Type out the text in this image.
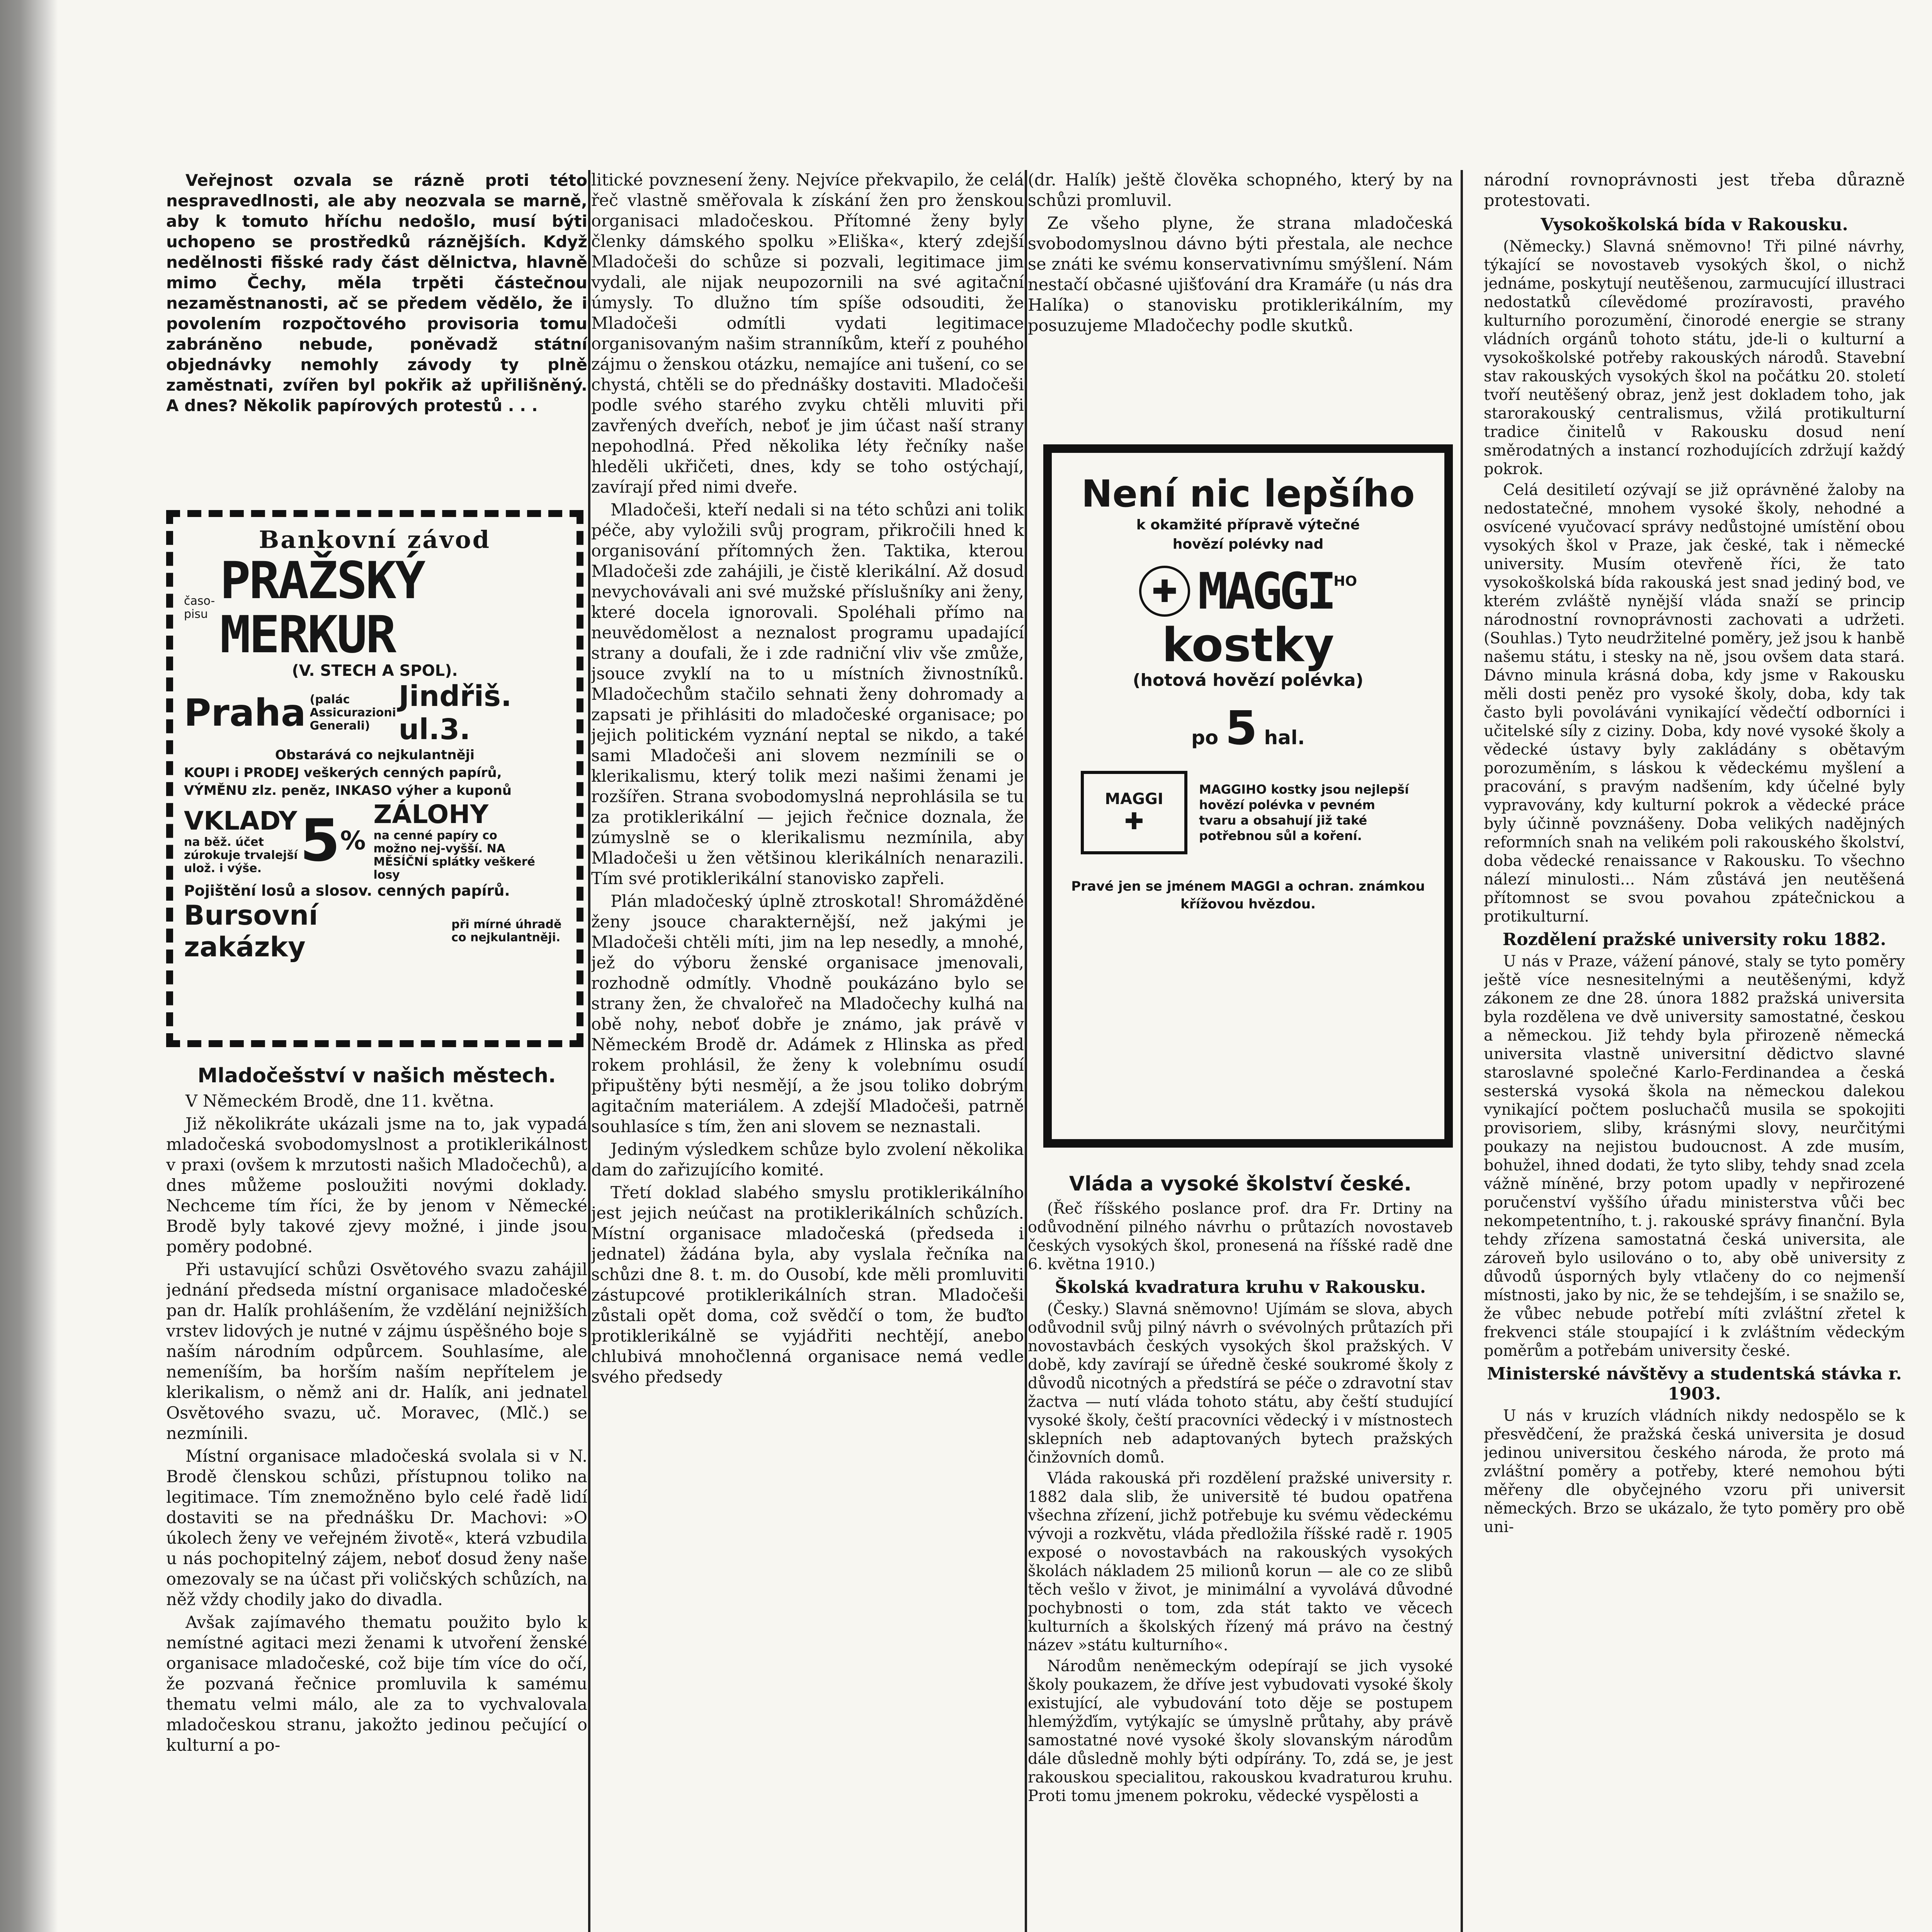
Veřejnost ozvala se rázně proti této nespravedlnosti, ale aby neozvala se marně, aby k tomuto hříchu nedošlo, musí býti uchopeno se prostředků ráznějších. Když nedělnosti fišské rady část dělnictva, hlavně mimo Čechy, měla trpěti částečnou nezaměstnanosti, ač se předem vědělo, že i povolením rozpočtového provisoria tomu zabráněno nebude, poněvadž státní objednávky nemohly závody ty plně zaměstnati, zvířen byl pokřik až upřilišněný. A dnes? Několik papírových protestů . . .

Bankovní závod
časo-pisu
PRAŽSKÝ MERKUR
(V. STECH A SPOL).
Praha (palác Assicurazioni Generali)
Jindřiš. ul.3.
Obstarává co nejkulantněji
KOUPI i PRODEJ veškerých cenných papírů,
VÝMĚNU zlz. peněz, INKASO výher a kuponů
VKLADY
na běž. účet zúrokuje trvalejší ulož. i výše. 5 %
ZÁLOHY
na cenné papíry co možno nej-vyšší. NA MĚSÍČNÍ splátky veškeré losy
Pojištění losů a slosov. cenných papírů.
Bursovní zakázky
při mírné úhradě co nejkulantněji.
Mladočešství v našich městech.

V Německém Brodě, dne 11. května.

Již několikráte ukázali jsme na to, jak vypadá mladočeská svobodomyslnost a protiklerikálnost v praxi (ovšem k mrzutosti našich Mladočechů), a dnes můžeme posloužiti novými doklady. Nechceme tím říci, že by jenom v Německé Brodě byly takové zjevy možné, i jinde jsou poměry podobné.

Při ustavující schůzi Osvětového svazu zahájil jednání předseda místní organisace mladočeské pan dr. Halík prohlášením, že vzdělání nejnižších vrstev lidových je nutné v zájmu úspěšného boje s naším národním odpůrcem. Souhlasíme, ale nemeníším, ba horším naším nepřítelem je klerikalism, o němž ani dr. Halík, ani jednatel Osvětového svazu, uč. Moravec, (Mlč.) se nezmínili.

Místní organisace mladočeská svolala si v N. Brodě členskou schůzi, přístupnou toliko na legitimace. Tím znemožněno bylo celé řadě lidí dostaviti se na přednášku Dr. Machovi: »O úkolech ženy ve veřejném životě«, která vzbudila u nás pochopitelný zájem, neboť dosud ženy naše omezovaly se na účast při voličských schůzích, na něž vždy chodily jako do divadla.

Avšak zajímavého thematu použito bylo k nemístné agitaci mezi ženami k utvoření ženské organisace mladočeské, což bije tím více do očí, že pozvaná řečnice promluvila k samému thematu velmi málo, ale za to vychvalovala mladočeskou stranu, jakožto jedinou pečující o kulturní a po-

litické povznesení ženy. Nejvíce překvapilo, že celá řeč vlastně směřovala k získání žen pro ženskou organisaci mladočeskou. Přítomné ženy byly členky dámského spolku »Eliška«, který zdejší Mladočeši do schůze si pozvali, legitimace jim vydali, ale nijak neupozornili na své agitační úmysly. To dlužno tím spíše odsouditi, že Mladočeši odmítli vydati legitimace organisovaným našim stranníkům, kteří z pouhého zájmu o ženskou otázku, nemajíce ani tušení, co se chystá, chtěli se do přednášky dostaviti. Mladočeši podle svého starého zvyku chtěli mluviti při zavřených dveřích, neboť je jim účast naší strany nepohodlná. Před několika léty řečníky naše hleděli ukřičeti, dnes, kdy se toho ostýchají, zavírají před nimi dveře.

Mladočeši, kteří nedali si na této schůzi ani tolik péče, aby vyložili svůj program, přikročili hned k organisování přítomných žen. Taktika, kterou Mladočeši zde zahájili, je čistě klerikální. Až dosud nevychovávali ani své mužské příslušníky ani ženy, které docela ignorovali. Spoléhali přímo na neuvědomělost a neznalost programu upadající strany a doufali, že i zde radniční vliv vše zmůže, jsouce zvyklí na to u místních živnostníků. Mladočechům stačilo sehnati ženy dohromady a zapsati je přihlásiti do mladočeské organisace; po jejich politickém vyznání neptal se nikdo, a také sami Mladočeši ani slovem nezmínili se o klerikalismu, který tolik mezi našimi ženami je rozšířen. Strana svobodomyslná neprohlásila se tu za protiklerikální — jejich řečnice doznala, že zúmyslně se o klerikalismu nezmínila, aby Mladočeši u žen většinou klerikálních nenarazili. Tím své protiklerikální stanovisko zapřeli.

Plán mladočeský úplně ztroskotal! Shromážděné ženy jsouce charakternější, než jakými je Mladočeši chtěli míti, jim na lep nesedly, a mnohé, jež do výboru ženské organisace jmenovali, rozhodně odmítly. Vhodně poukázáno bylo se strany žen, že chvalořeč na Mladočechy kulhá na obě nohy, neboť dobře je známo, jak právě v Německém Brodě dr. Adámek z Hlinska as před rokem prohlásil, že ženy k volebnímu osudí připuštěny býti nesmějí, a že jsou toliko dobrým agitačním materiálem. A zdejší Mladočeši, patrně souhlasíce s tím, žen ani slovem se neznastali.

Jediným výsledkem schůze bylo zvolení několika dam do zařizujícího komité.

Třetí doklad slabého smyslu protiklerikálního jest jejich neúčast na protiklerikálních schůzích. Místní organisace mladočeská (předseda i jednatel) žádána byla, aby vyslala řečníka na schůzi dne 8. t. m. do Ousobí, kde měli promluviti zástupcové protiklerikálních stran. Mladočeši zůstali opět doma, což svědčí o tom, že buďto protiklerikálně se vyjádřiti nechtějí, anebo chlubivá mnohočlenná organisace nemá vedle svého předsedy

(dr. Halík) ještě člověka schopného, který by na schůzi promluvil.

Ze všeho plyne, že strana mladočeská svobodomyslnou dávno býti přestala, ale nechce se znáti ke svému konservativnímu smýšlení. Nám nestačí občasné ujišťování dra Kramáře (u nás dra Halíka) o stanovisku protiklerikálním, my posuzujeme Mladočechy podle skutků.

Není nic lepšího
k okamžité přípravě výtečné
hovězí polévky nad
✚ MAGGI HO
kostky
(hotová hovězí polévka)
po 5 hal.
MAGGI
✚
MAGGIHO kostky jsou nejlepší hovězí polévka v pevném tvaru a obsahují již také potřebnou sůl a koření.
Pravé jen se jménem MAGGI a ochran. známkou křížovou hvězdou.
Vláda a vysoké školství české.

(Řeč říšského poslance prof. dra Fr. Drtiny na odůvodnění pilného návrhu o průtazích novostaveb českých vysokých škol, pronesená na říšské radě dne 6. května 1910.)

Školská kvadratura kruhu v Rakousku.

(Česky.) Slavná sněmovno! Ujímám se slova, abych odůvodnil svůj pilný návrh o svévolných průtazích při novostavbách českých vysokých škol pražských. V době, kdy zavírají se úředně české soukromé školy z důvodů nicotných a předstírá se péče o zdravotní stav žactva — nutí vláda tohoto státu, aby čeští studující vysoké školy, čeští pracovníci vědecký i v místnostech sklepních neb adaptovaných bytech pražských činžovních domů.

Vláda rakouská při rozdělení pražské university r. 1882 dala slib, že universitě té budou opatřena všechna zřízení, jichž potřebuje ku svému vědeckému vývoji a rozkvětu, vláda předložila říšské radě r. 1905 exposé o novostavbách na rakouských vysokých školách nákladem 25 milionů korun — ale co ze slibů těch vešlo v život, je minimální a vyvolává důvodné pochybnosti o tom, zda stát takto ve věcech kulturních a školských řízený má právo na čestný název »státu kulturního«.

Národům neněmeckým odepírají se jich vysoké školy poukazem, že dříve jest vybudovati vysoké školy existující, ale vybudování toto děje se postupem hlemýžďím, vytýkajíc se úmyslně průtahy, aby právě samostatné nové vysoké školy slovanským národům dále důsledně mohly býti odpírány. To, zdá se, je jest rakouskou specialitou, rakouskou kvadraturou kruhu. Proti tomu jmenem pokroku, vědecké vyspělosti a

národní rovnoprávnosti jest třeba důrazně protestovati.

Vysokoškolská bída v Rakousku.

(Německy.) Slavná sněmovno! Tři pilné návrhy, týkající se novostaveb vysokých škol, o nichž jednáme, poskytují neutěšenou, zarmucující illustraci nedostatků cílevědomé prozíravosti, pravého kulturního porozumění, činorodé energie se strany vládních orgánů tohoto státu, jde-li o kulturní a vysokoškolské potřeby rakouských národů. Stavební stav rakouských vysokých škol na počátku 20. století tvoří neutěšený obraz, jenž jest dokladem toho, jak starorakouský centralismus, vžilá protikulturní tradice činitelů v Rakousku dosud není směrodatných a instancí rozhodujících zdržují každý pokrok.

Celá desitiletí ozývají se již oprávněné žaloby na nedostatečné, mnohem vysoké školy, nehodné a osvícené vyučovací správy nedůstojné umístění obou vysokých škol v Praze, jak české, tak i německé university. Musím otevřeně říci, že tato vysokoškolská bída rakouská jest snad jediný bod, ve kterém zvláště nynější vláda snaží se princip národnostní rovnoprávnosti zachovati a udržeti. (Souhlas.) Tyto neudržitelné poměry, jež jsou k hanbě našemu státu, i stesky na ně, jsou ovšem data stará. Dávno minula krásná doba, kdy jsme v Rakousku měli dosti peněz pro vysoké školy, doba, kdy tak často byli povoláváni vynikající vědečtí odborníci i učitelské síly z ciziny. Doba, kdy nové vysoké školy a vědecké ústavy byly zakládány s obětavým porozuměním, s láskou k vědeckému myšlení a pracování, s pravým nadšením, kdy účelné byly vypravovány, kdy kulturní pokrok a vědecké práce byly účinně povznášeny. Doba velikých nadějných reformních snah na velikém poli rakouského školství, doba vědecké renaissance v Rakousku. To všechno nálezí minulosti... Nám zůstává jen neutěšená přítomnost se svou povahou zpátečnickou a protikulturní.

Rozdělení pražské university roku 1882.

U nás v Praze, vážení pánové, staly se tyto poměry ještě více nesnesitelnými a neutěšenými, když zákonem ze dne 28. února 1882 pražská universita byla rozdělena ve dvě university samostatné, českou a německou. Již tehdy byla přirozeně německá universita vlastně universitní dědictvo slavné staroslavné společné Karlo-Ferdinandea a česká sesterská vysoká škola na německou dalekou vynikající počtem posluchačů musila se spokojiti provisoriem, sliby, krásnými slovy, neurčitými poukazy na nejistou budoucnost. A zde musím, bohužel, ihned dodati, že tyto sliby, tehdy snad zcela vážně míněné, brzy potom upadly v nepřirozené poručenství vyššího úřadu ministerstva vůči bec nekompetentního, t. j. rakouské správy finanční. Byla tehdy zřízena samostatná česká universita, ale zároveň bylo usilováno o to, aby obě university z důvodů úsporných byly vtlačeny do co nejmenší místnosti, jako by nic, že se tehdejším, i se snažilo se, že vůbec nebude potřebí míti zvláštní zřetel k frekvenci stále stoupající i k zvláštním vědeckým poměrům a potřebám university české.

Ministerské návštěvy a studentská stávka r. 1903.

U nás v kruzích vládních nikdy nedospělo se k přesvědčení, že pražská česká universita je dosud jedinou universitou českého národa, že proto má zvláštní poměry a potřeby, které nemohou býti měřeny dle obyčejného vzoru při universit německých. Brzo se ukázalo, že tyto poměry pro obě uni-
